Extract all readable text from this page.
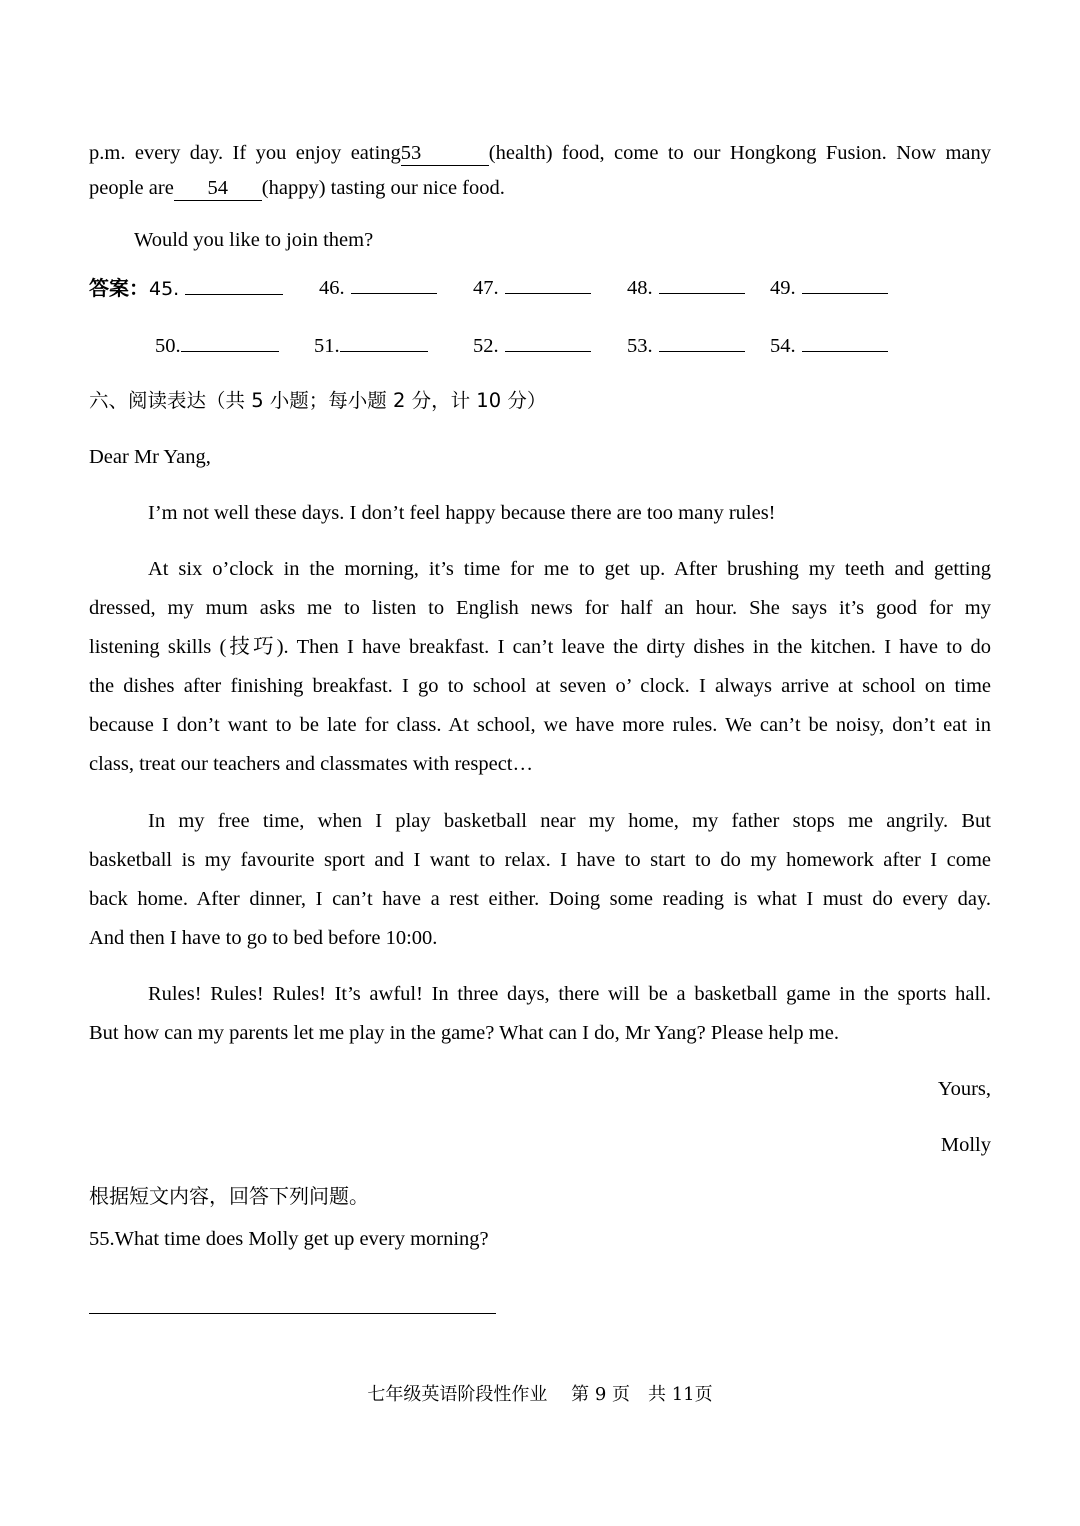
p.m. every day. If you enjoy eating53	(health) food, come to our Hongkong Fusion. Now many
people are 54 (happy) tasting our nice food.
Would you like to join them?
答案：45.	46.	47.	48.	49.
50.	51.	52.	53.	54.
六、阅读表达（共 5 小题；每小题 2 分，计 10 分）
Dear Mr Yang,
I’m not well these days. I don’t feel happy because there are too many rules!
At six o’clock in the morning, it’s time for me to get up. After brushing my teeth and getting
dressed, my mum asks me to listen to English news for half an hour. She says it’s good for my
listening skills (技巧). Then I have breakfast. I can’t leave the dirty dishes in the kitchen. I have to do
the dishes after finishing breakfast. I go to school at seven o’ clock. I always arrive at school on time
because I don’t want to be late for class. At school, we have more rules. We can’t be noisy, don’t eat in
class, treat our teachers and classmates with respect…
In my free time, when I play basketball near my home, my father stops me angrily. But
basketball is my favourite sport and I want to relax. I have to start to do my homework after I come
back home. After dinner, I can’t have a rest either. Doing some reading is what I must do every day.
And then I have to go to bed before 10:00.
Rules! Rules! Rules! It’s awful! In three days, there will be a basketball game in the sports hall.
But how can my parents let me play in the game? What can I do, Mr Yang? Please help me.
Yours,
Molly
根据短文内容，回答下列问题。
55.What time does Molly get up every morning?
七年级英语阶段性作业　 第 9 页　共 11页
